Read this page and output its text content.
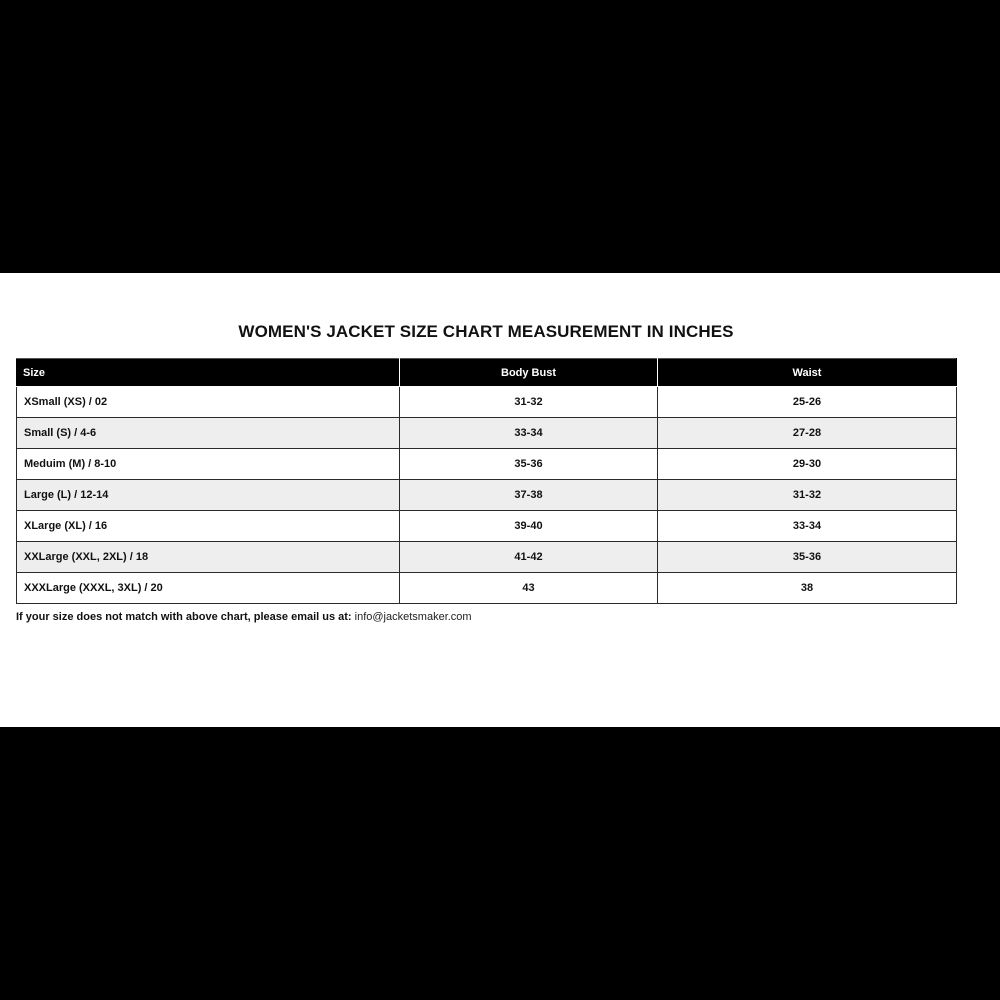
WOMEN'S JACKET SIZE CHART MEASUREMENT IN INCHES
Size	Body Bust	Waist
XSmall (XS) / 02	31-32	25-26
Small (S) / 4-6	33-34	27-28
Meduim (M) / 8-10	35-36	29-30
Large (L) / 12-14	37-38	31-32
XLarge (XL) / 16	39-40	33-34
XXLarge (XXL, 2XL) / 18	41-42	35-36
XXXLarge (XXXL, 3XL) / 20	43	38
If your size does not match with above chart, please email us at: info@jacketsmaker.com
